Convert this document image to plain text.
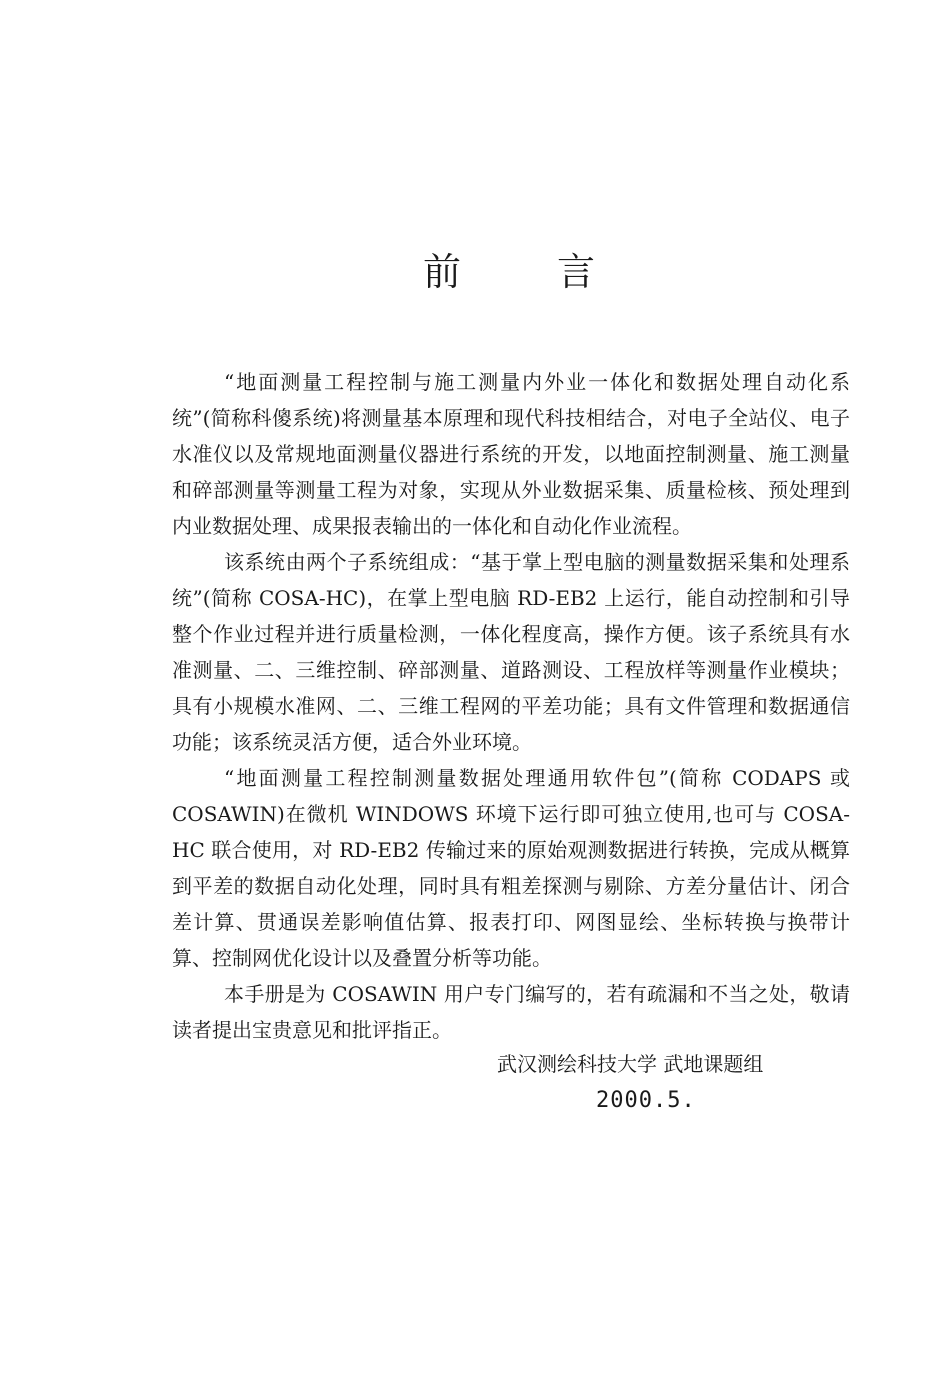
前 言

“地面测量工程控制与施工测量内外业一体化和数据处理自动化系统”(简称科傻系统)将测量基本原理和现代科技相结合，对电子全站仪、电子水准仪以及常规地面测量仪器进行系统的开发，以地面控制测量、施工测量和碎部测量等测量工程为对象，实现从外业数据采集、质量检核、预处理到内业数据处理、成果报表输出的一体化和自动化作业流程。

该系统由两个子系统组成：“基于掌上型电脑的测量数据采集和处理系统”(简称 COSA-HC)，在掌上型电脑 RD-EB2 上运行，能自动控制和引导整个作业过程并进行质量检测，一体化程度高，操作方便。该子系统具有水准测量、二、三维控制、碎部测量、道路测设、工程放样等测量作业模块；具有小规模水准网、二、三维工程网的平差功能；具有文件管理和数据通信功能；该系统灵活方便，适合外业环境。

“地面测量工程控制测量数据处理通用软件包”(简称 CODAPS 或 COSAWIN)在微机 WINDOWS 环境下运行即可独立使用,也可与 COSA-HC 联合使用，对 RD-EB2 传输过来的原始观测数据进行转换，完成从概算到平差的数据自动化处理，同时具有粗差探测与剔除、方差分量估计、闭合差计算、贯通误差影响值估算、报表打印、网图显绘、坐标转换与换带计算、控制网优化设计以及叠置分析等功能。

本手册是为 COSAWIN 用户专门编写的，若有疏漏和不当之处，敬请读者提出宝贵意见和批评指正。

武汉测绘科技大学 武地课题组
2000.5.
